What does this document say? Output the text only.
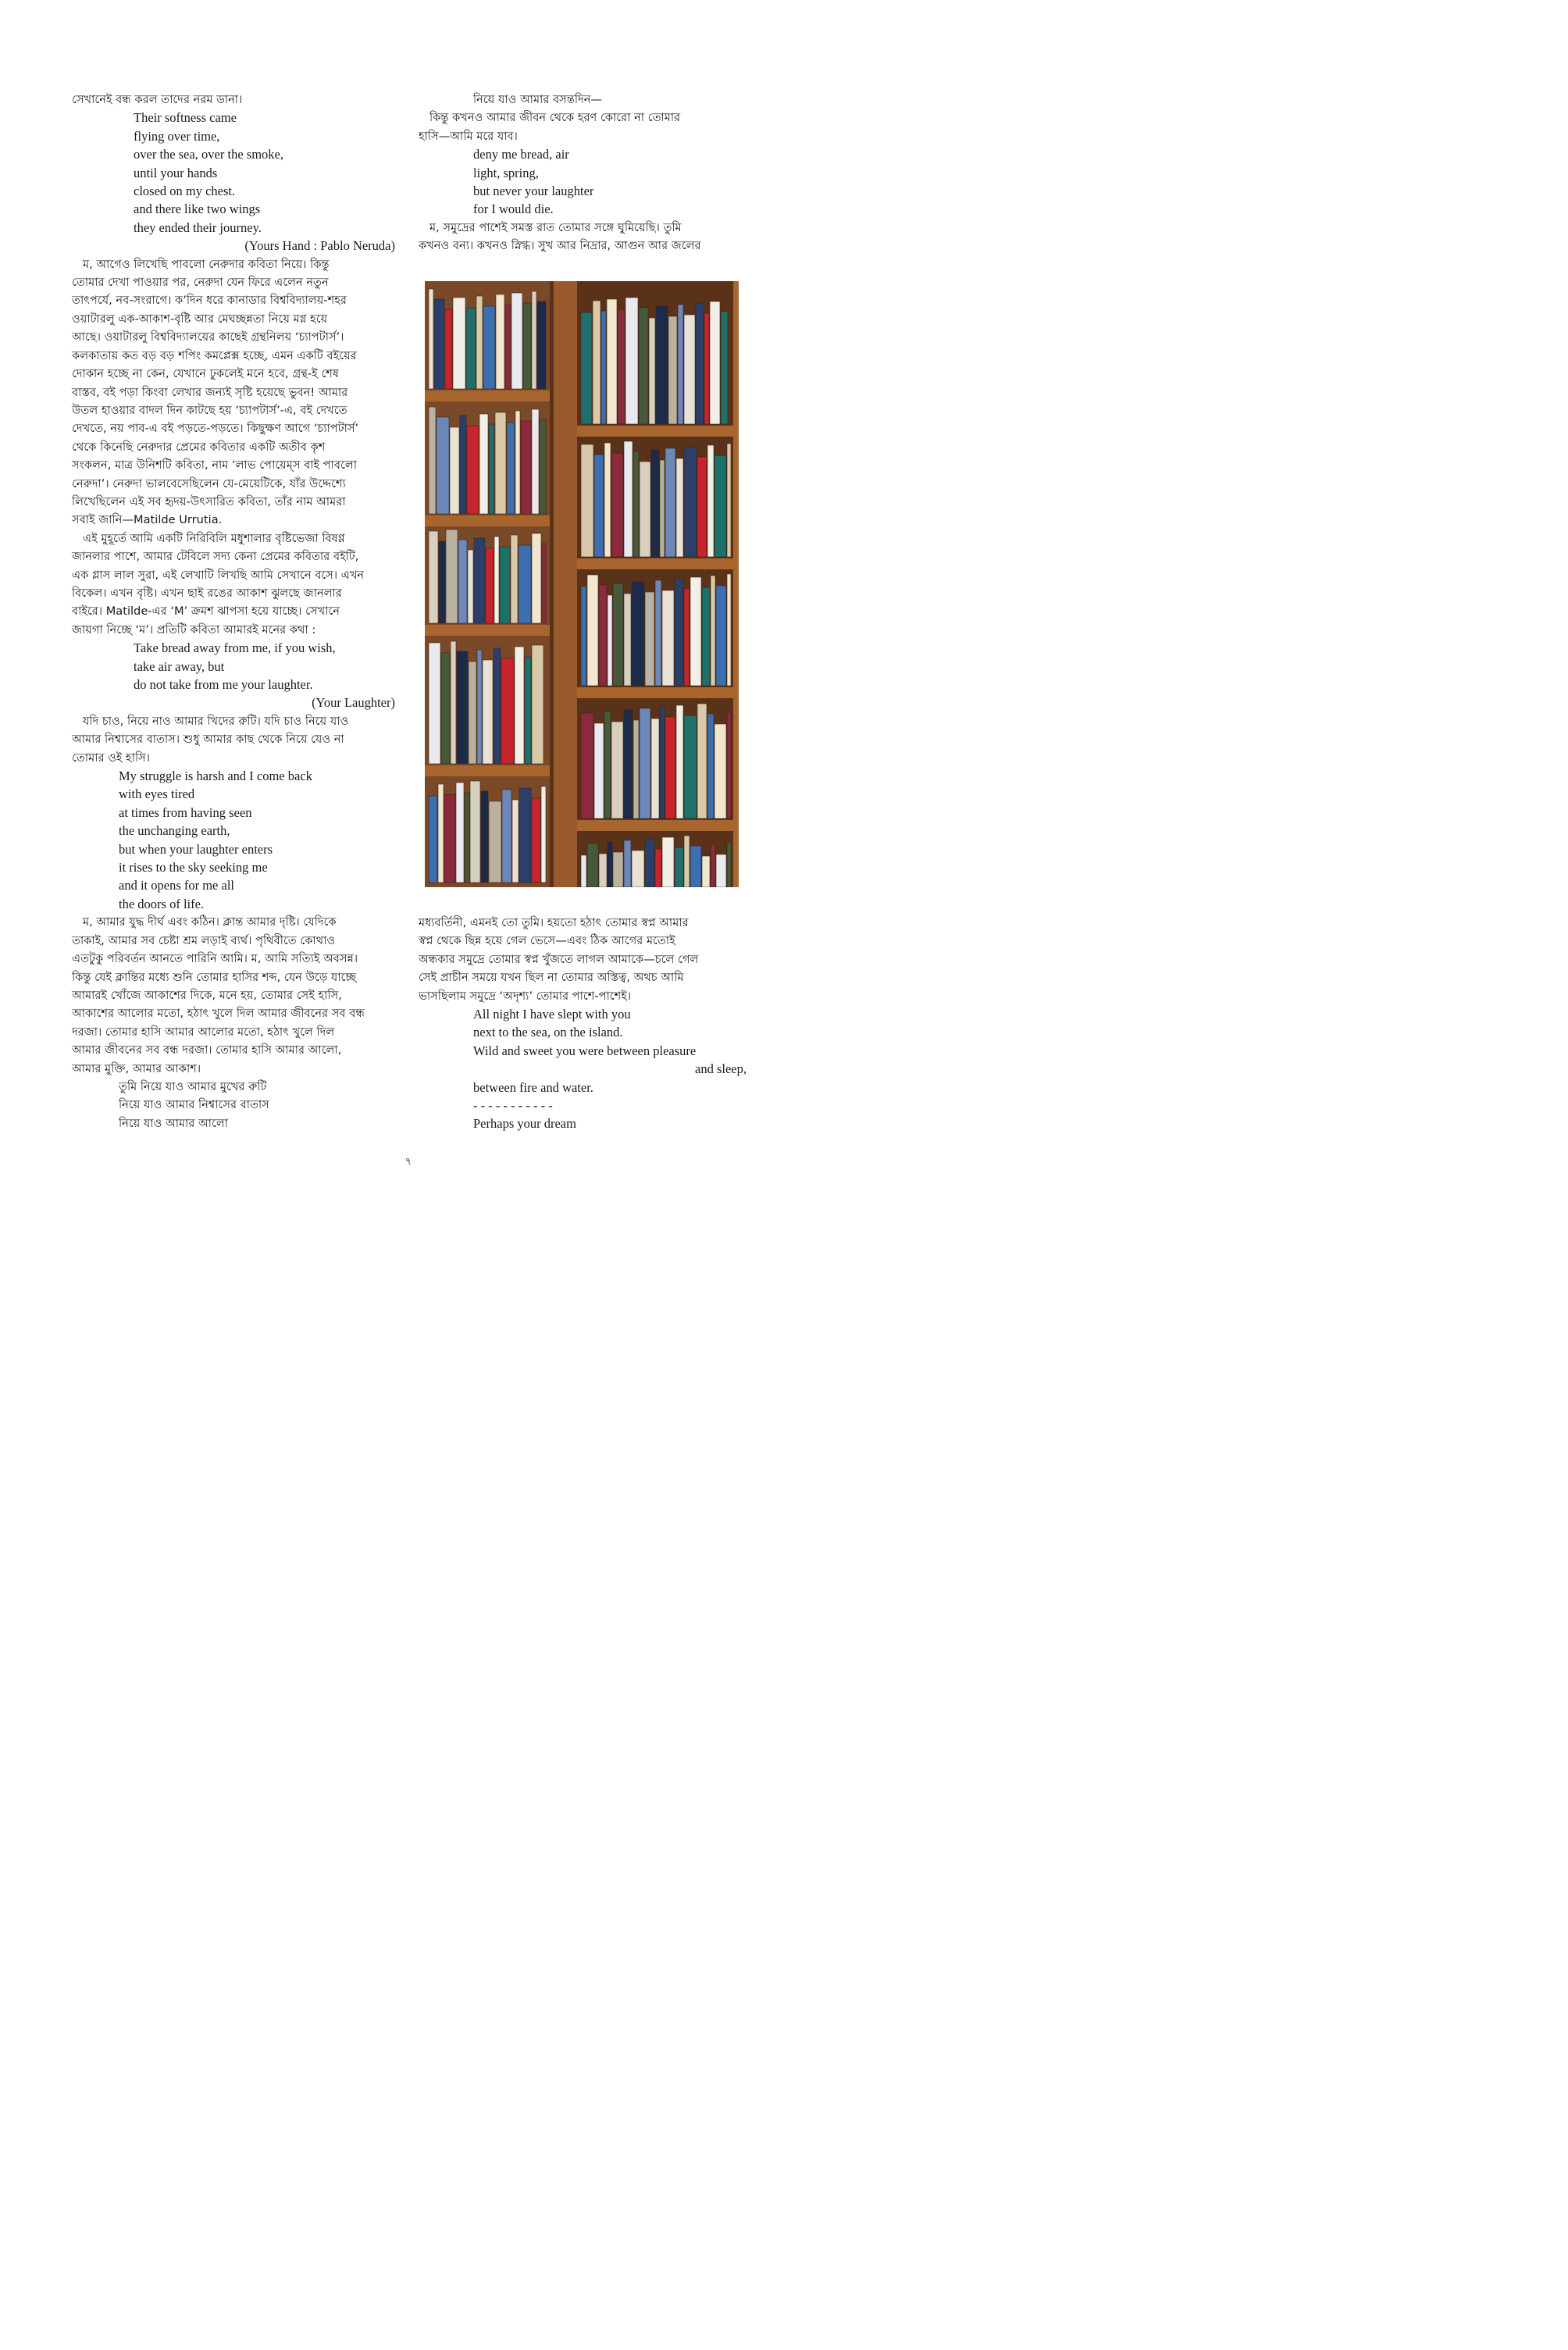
সেখানেই বন্ধ করল তাদের নরম ডানা।
Their softness came
flying over time,
over the sea, over the smoke,
until your hands
closed on my chest.
and there like two wings
they ended their journey.
(Yours Hand : Pablo Neruda)
ম, আগেও লিখেছি পাবলো নেরুদার কবিতা নিয়ে। কিন্তু
তোমার দেখা পাওয়ার পর, নেরুদা যেন ফিরে এলেন নতুন
তাৎপর্যে, নব-সংরাগে। ক’দিন ধরে কানাডার বিশ্ববিদ্যালয়-শহর
ওয়াটারলু এক-আকাশ-বৃষ্টি আর মেঘচ্ছন্নতা নিয়ে মগ্ন হয়ে
আছে। ওয়াটারলু বিশ্ববিদ্যালয়ের কাছেই গ্রন্থনিলয় ‘চ্যাপটার্স’।
কলকাতায় কত বড় বড় শপিং কমপ্লেক্স হচ্ছে, এমন একটি বইয়ের
দোকান হচ্ছে না কেন, যেখানে ঢুকলেই মনে হবে, গ্রন্থ-ই শেষ
বাস্তব, বই পড়া কিংবা লেখার জন্যই সৃষ্টি হয়েছে ভুবন! আমার
উতল হাওয়ার বাদল দিন কাটছে হয় ‘চ্যাপটার্স’-এ, বই দেখতে
দেখতে, নয় পাব-এ বই পড়তে-পড়তে। কিছুক্ষণ আগে ‘চ্যাপটার্স’
থেকে কিনেছি নেরুদার প্রেমের কবিতার একটি অতীব কৃশ
সংকলন, মাত্র উনিশটি কবিতা, নাম ‘লাভ পোয়েম্‌স বাই পাবলো
নেরুদা’। নেরুদা ভালবেসেছিলেন যে-মেয়েটিকে, যাঁর উদ্দেশ্যে
লিখেছিলেন এই সব হৃদয়-উৎসারিত কবিতা, তাঁর নাম আমরা
সবাই জানি—Matilde Urrutia.
এই মুহূর্তে আমি একটি নিরিবিলি মধুশালার বৃষ্টিভেজা বিষণ্ণ
জানলার পাশে, আমার টেবিলে সদ্য কেনা প্রেমের কবিতার বইটি,
এক গ্লাস লাল সুরা, এই লেখাটি লিখছি আমি সেখানে বসে। এখন
বিকেল। এখন বৃষ্টি। এখন ছাই রঙের আকাশ ঝুলছে জানলার
বাইরে। Matilde-এর ‘M’ ক্রমশ ঝাপসা হয়ে যাচ্ছে। সেখানে
জায়গা নিচ্ছে ‘ম’। প্রতিটি কবিতা আমারই মনের কথা :
Take bread away from me, if you wish,
take air away, but
do not take from me your laughter.
(Your Laughter)
যদি চাও, নিয়ে নাও আমার খিদের রুটি। যদি চাও নিয়ে যাও
আমার নিশ্বাসের বাতাস। শুধু আমার কাছ থেকে নিয়ে যেও না
তোমার ওই হাসি।
My struggle is harsh and I come back
with eyes tired
at times from having seen
the unchanging earth,
but when your laughter enters
it rises to the sky seeking me
and it opens for me all
the doors of life.
ম, আমার যুদ্ধ দীর্ঘ এবং কঠিন। ক্লান্ত আমার দৃষ্টি। যেদিকে
তাকাই, আমার সব চেষ্টা শ্রম লড়াই ব্যর্থ। পৃথিবীতে কোথাও
এতটুকু পরিবর্তন আনতে পারিনি আমি। ম, আমি সত্যিই অবসন্ন।
কিন্তু যেই ক্লান্তির মধ্যে শুনি তোমার হাসির শব্দ, যেন উড়ে যাচ্ছে
আমারই খোঁজে আকাশের দিকে, মনে হয়, তোমার সেই হাসি,
আকাশের আলোর মতো, হঠাৎ খুলে দিল আমার জীবনের সব বন্ধ
দরজা। তোমার হাসি আমার আলোর মতো, হঠাৎ খুলে দিল
আমার জীবনের সব বন্ধ দরজা। তোমার হাসি আমার আলো,
আমার মুক্তি, আমার আকাশ।
তুমি নিয়ে যাও আমার মুখের রুটি
নিয়ে যাও আমার নিশ্বাসের বাতাস
নিয়ে যাও আমার আলো
নিয়ে যাও আমার বসন্তদিন—
কিন্তু কখনও আমার জীবন থেকে হরণ কোরো না তোমার
হাসি—আমি মরে যাব।
deny me bread, air
light, spring,
but never your laughter
for I would die.
ম, সমুদ্রের পাশেই সমস্ত রাত তোমার সঙ্গে ঘুমিয়েছি। তুমি
কখনও বন্য। কখনও স্নিগ্ধ। সুখ আর নিদ্রার, আগুন আর জলের
মধ্যবর্তিনী, এমনই তো তুমি। হয়তো হঠাৎ তোমার স্বপ্ন আমার
স্বপ্ন থেকে ছিন্ন হয়ে গেল ভেসে—এবং ঠিক আগের মতোই
অন্ধকার সমুদ্রে তোমার স্বপ্ন খুঁজতে লাগল আমাকে—চলে গেল
সেই প্রাচীন সময়ে যখন ছিল না তোমার অস্তিত্ব, অথচ আমি
ভাসছিলাম সমুদ্রে ‘অদৃশ্য’ তোমার পাশে-পাশেই।
All night I have slept with you
next to the sea, on the island.
Wild and sweet you were between pleasure
and sleep,
between fire and water.
- - - - - - - - - - -
Perhaps your dream
৭
